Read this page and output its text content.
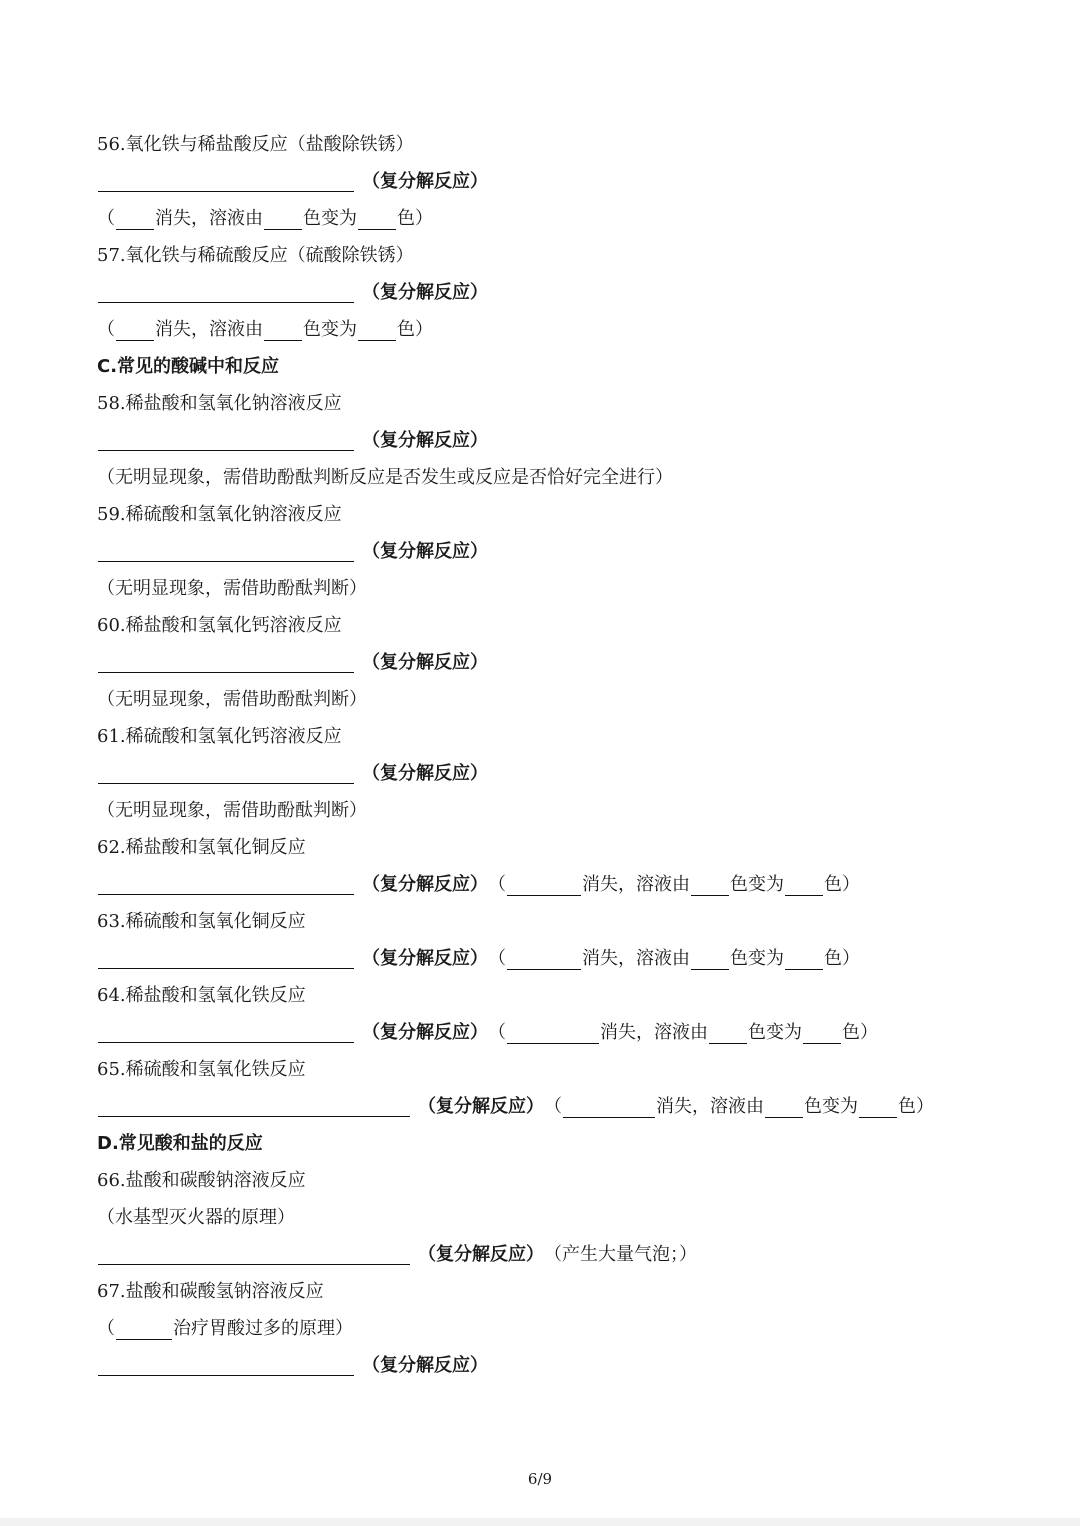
56.氧化铁与稀盐酸反应（盐酸除铁锈）
（复分解反应）
（ 消失，溶液由 色变为 色）
57.氧化铁与稀硫酸反应（硫酸除铁锈）
（复分解反应）
（ 消失，溶液由 色变为 色）
C.常见的酸碱中和反应
58.稀盐酸和氢氧化钠溶液反应
（复分解反应）
（无明显现象，需借助酚酞判断反应是否发生或反应是否恰好完全进行）
59.稀硫酸和氢氧化钠溶液反应
（复分解反应）
（无明显现象，需借助酚酞判断）
60.稀盐酸和氢氧化钙溶液反应
（复分解反应）
（无明显现象，需借助酚酞判断）
61.稀硫酸和氢氧化钙溶液反应
（复分解反应）
（无明显现象，需借助酚酞判断）
62.稀盐酸和氢氧化铜反应
（复分解反应） （	消失，溶液由 色变为 色）
63.稀硫酸和氢氧化铜反应
（复分解反应） （	消失，溶液由 色变为 色）
64.稀盐酸和氢氧化铁反应
（复分解反应） （	消失，溶液由 色变为 色）
65.稀硫酸和氢氧化铁反应
（复分解反应） （	消失，溶液由 色变为 色）
D.常见酸和盐的反应
66.盐酸和碳酸钠溶液反应
（水基型灭火器的原理）
（复分解反应） （产生大量气泡；）
67.盐酸和碳酸氢钠溶液反应
（	治疗胃酸过多的原理）
（复分解反应）
6/9
